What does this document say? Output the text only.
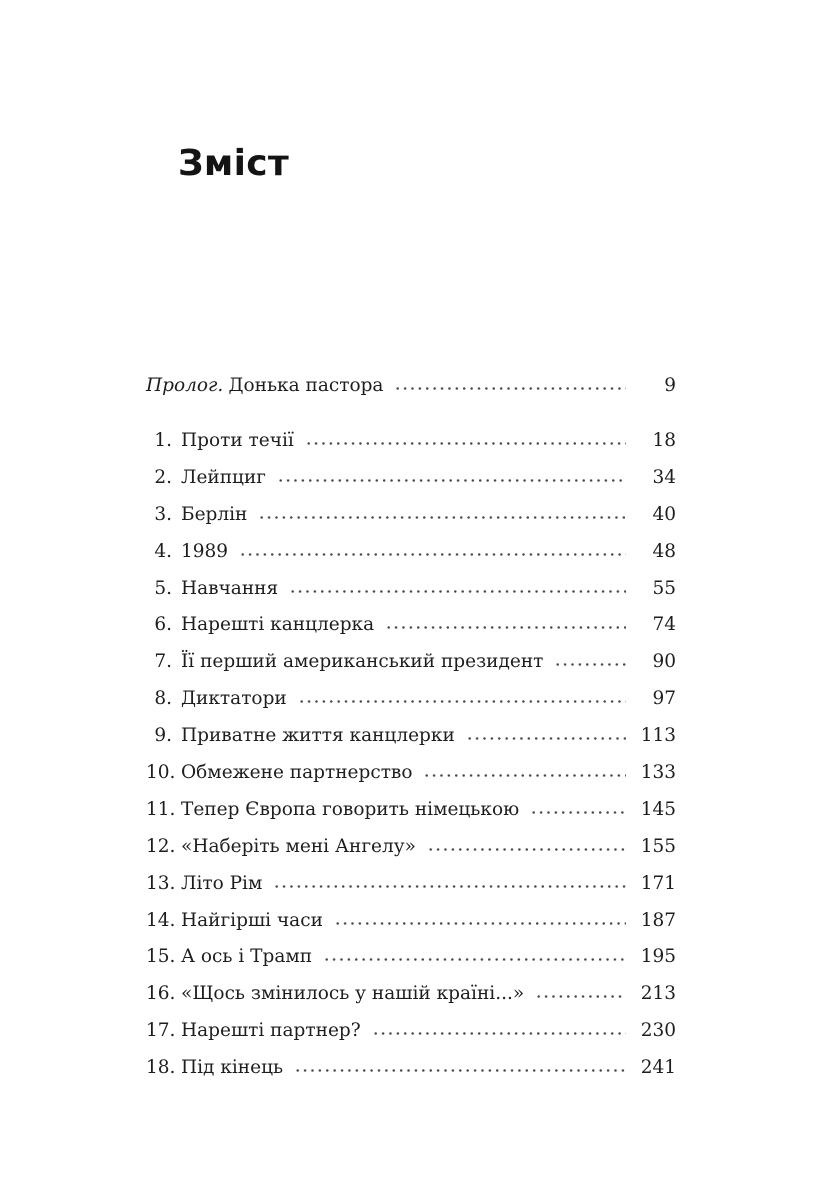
Зміст
Пролог. Донька пастора	9
1. Проти течії	18
2. Лейпциг	34
3. Берлін	40
4. 1989	48
5. Навчання	55
6. Нарешті канцлерка	74
7. Її перший американський президент	90
8. Диктатори	97
9. Приватне життя канцлерки	113
10. Обмежене партнерство	133
11. Тепер Європа говорить німецькою	145
12. «Наберіть мені Ангелу»	155
13. Літо Рім	171
14. Найгірші часи	187
15. А ось і Трамп	195
16. «Щось змінилось у нашій країні...»	213
17. Нарешті партнер?	230
18. Під кінець	241
